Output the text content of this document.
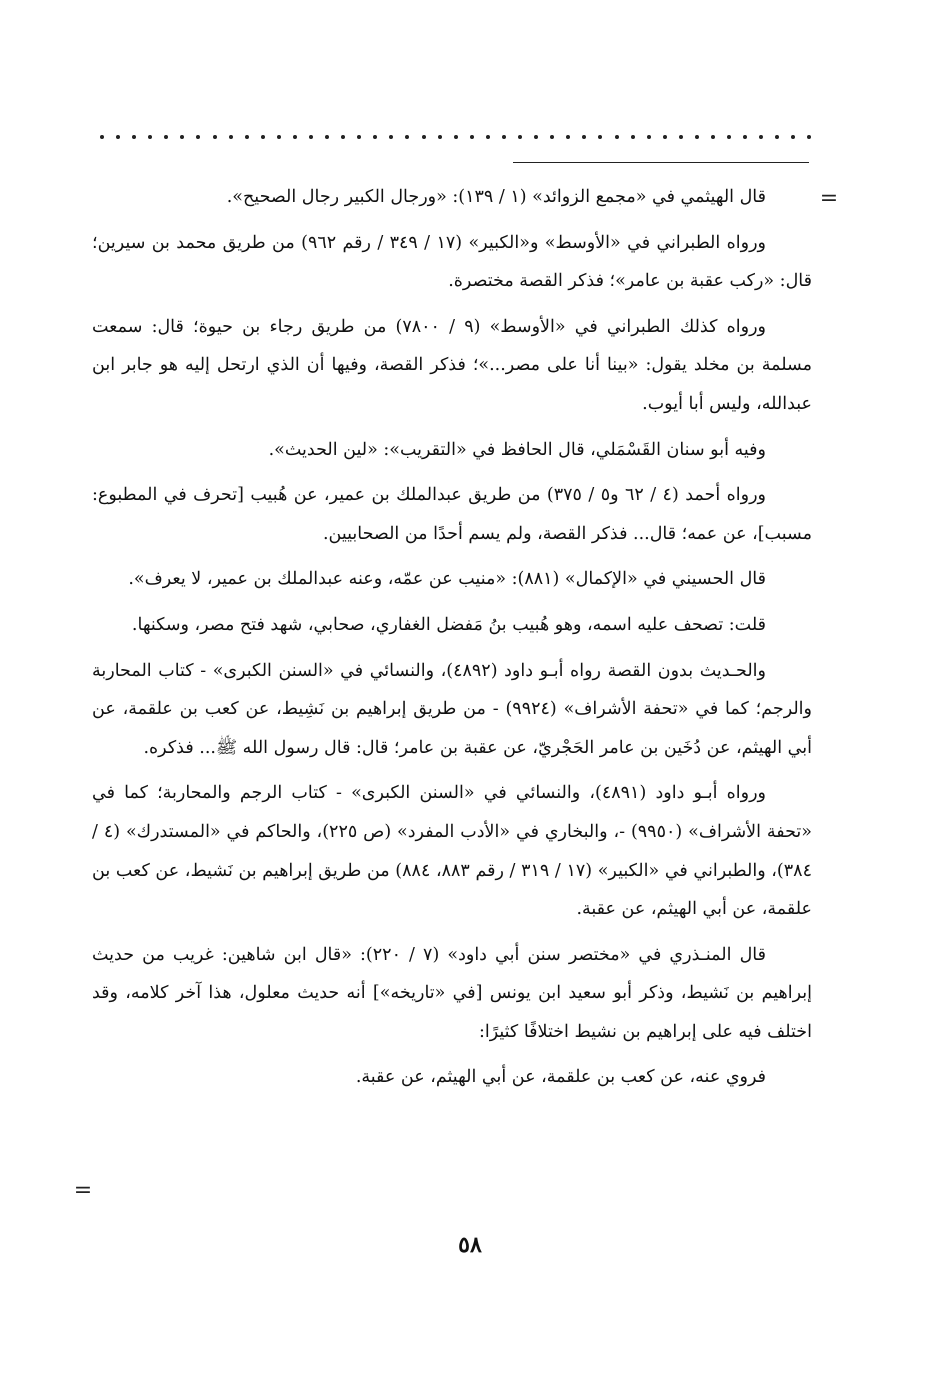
=
=

قال الهيثمي في «مجمع الزوائد» (١ / ١٣٩): «ورجال الكبير رجال الصحيح».

ورواه الطبراني في «الأوسط» و«الكبير» (١٧ / ٣٤٩ / رقم ٩٦٢) من طريق محمد بن سيرين؛ قال: «ركب عقبة بن عامر»؛ فذكر القصة مختصرة.

ورواه كذلك الطبراني في «الأوسط» (٩ / ٧٨٠٠) من طريق رجاء بن حيوة؛ قال: سمعت مسلمة بن مخلد يقول: «بينا أنا على مصر...»؛ فذكر القصة، وفيها أن الذي ارتحل إليه هو جابر ابن عبدالله، وليس أبا أيوب.

وفيه أبو سنان القَسْمَلي، قال الحافظ في «التقريب»: «لين الحديث».

ورواه أحمد (٤ / ٦٢ و٥ / ٣٧٥) من طريق عبدالملك بن عمير، عن هُبيب [تحرف في المطبوع: مسبب]، عن عمه؛ قال... فذكر القصة، ولم يسم أحدًا من الصحابيين.

قال الحسيني في «الإكمال» (٨٨١): «منيب عن عمّه، وعنه عبدالملك بن عمير، لا يعرف».

قلت: تصحف عليه اسمه، وهو هُبيب بنُ مَفضل الغفاري، صحابي، شهد فتح مصر، وسكنها.

والحـديث بدون القصة رواه أبـو داود (٤٨٩٢)، والنسائي في «السنن الكبرى» - كتاب المحاربة والرجم؛ كما في «تحفة الأشراف» (٩٩٢٤) - من طريق إبراهيم بن نَشِيط، عن كعب بن علقمة، عن أبي الهيثم، عن دُخَين بن عامر الحَجْريّ، عن عقبة بن عامر؛ قال: قال رسول الله ﷺ... فذكره.

ورواه أبـو داود (٤٨٩١)، والنسائي في «السنن الكبرى» - كتاب الرجم والمحاربة؛ كما في «تحفة الأشراف» (٩٩٥٠) -، والبخاري في «الأدب المفرد» (ص ٢٢٥)، والحاكم في «المستدرك» (٤ / ٣٨٤)، والطبراني في «الكبير» (١٧ / ٣١٩ / رقم ٨٨٣، ٨٨٤) من طريق إبراهيم بن نَشيط، عن كعب بن علقمة، عن أبي الهيثم، عن عقبة.

قال المنـذري في «مختصر سنن أبي داود» (٧ / ٢٢٠): «قال ابن شاهين: غريب من حديث إبراهيم بن نَشيط، وذكر أبو سعيد ابن يونس [في «تاريخه»] أنه حديث معلول، هذا آخر كلامه، وقد اختلف فيه على إبراهيم بن نشيط اختلافًا كثيرًا:

فروي عنه، عن كعب بن علقمة، عن أبي الهيثم، عن عقبة.

٥٨
